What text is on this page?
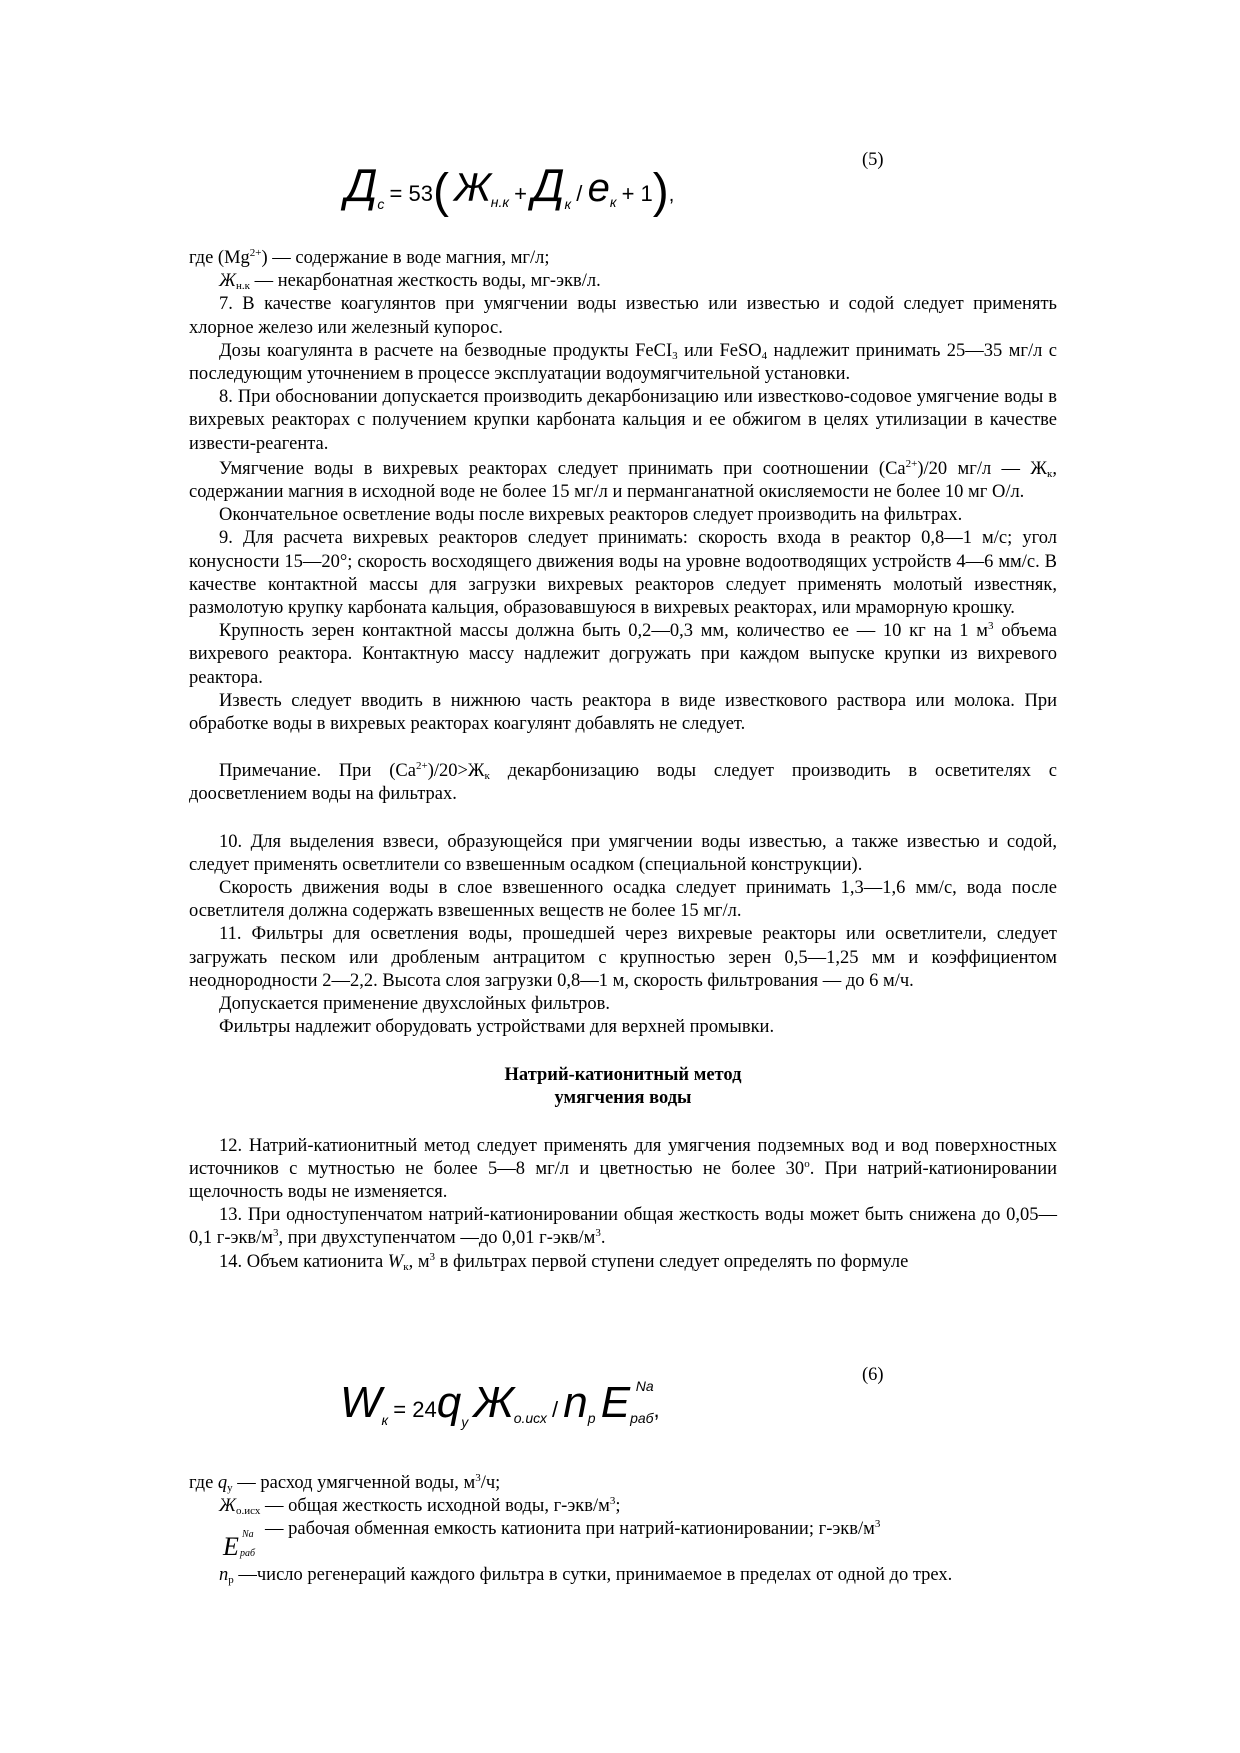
(5)
$Д_c = 53$( $Ж_{н.к} + Д_к / e_к + 1$),

где $(Mg^{2+})$ — содержание в воде магния, мг/л;

$Ж_{н.к}$ — некарбонатная жесткость воды, мг-экв/л.

7. В качестве коагулянтов при умягчении воды известью или известью и содой следует применять хлорное железо или железный купорос.

Дозы коагулянта в расчете на безводные продукты FeCI$_3$ или FeSO$_4$ надлежит принимать 25—35 мг/л с последующим уточнением в процессе эксплуатации водоумягчительной установки.

8. При обосновании допускается производить декарбонизацию или известково-содовое умягчение воды в вихревых реакторах с получением крупки карбоната кальция и ее обжигом в целях утилизации в качестве извести-реагента.

Умягчение воды в вихревых реакторах следует принимать при соотношении $(Ca^{2+})/20$ мг/л — $Ж_к$, содержании магния в исходной воде не более 15 мг/л и перманганатной окисляемости не более 10 мг O/л.

Окончательное осветление воды после вихревых реакторов следует производить на фильтрах.

9. Для расчета вихревых реакторов следует принимать: скорость входа в реактор 0,8—1 м/с; угол конусности 15—20°; скорость восходящего движения воды на уровне водоотводящих устройств 4—6 мм/с. В качестве контактной массы для загрузки вихревых реакторов следует применять молотый известняк, размолотую крупку карбоната кальция, образовавшуюся в вихревых реакторах, или мраморную крошку.

Крупность зерен контактной массы должна быть 0,2—0,3 мм, количество ее — 10 кг на 1 $м^3$ объема вихревого реактора. Контактную массу надлежит догружать при каждом выпуске крупки из вихревого реактора.

Известь следует вводить в нижнюю часть реактора в виде известкового раствора или молока. При обработке воды в вихревых реакторах коагулянт добавлять не следует.

Примечание. При $(Ca^{2+})/20>Ж_к$ декарбонизацию воды следует производить в осветителях с доосветлением воды на фильтрах.

10. Для выделения взвеси, образующейся при умягчении воды известью, а также известью и содой, следует применять осветлители со взвешенным осадком (специальной конструкции).

Скорость движения воды в слое взвешенного осадка следует принимать 1,3—1,6 мм/с, вода после осветлителя должна содержать взвешенных веществ не более 15 мг/л.

11. Фильтры для осветления воды, прошедшей через вихревые реакторы или осветлители, следует загружать песком или дробленым антрацитом с крупностью зерен 0,5—1,25 мм и коэффициентом неоднородности 2—2,2. Высота слоя загрузки 0,8—1 м, скорость фильтрования — до 6 м/ч.

Допускается применение двухслойных фильтров.

Фильтры надлежит оборудовать устройствами для верхней промывки.

Натрий-катионитный метод

умягчения воды

12. Натрий-катионитный метод следует применять для умягчения подземных вод и вод поверхностных источников с мутностью не более 5—8 мг/л и цветностью не более $30^о$. При натрий-катионировании щелочность воды не изменяется.

13. При одноступенчатом натрий-катионировании общая жесткость воды может быть снижена до 0,05—0,1 $г-экв/м^3$, при двухступенчатом —до 0,01 $г-экв/м^3$.

14. Объем катионита $W_к$, $м^3$ в фильтрах первой ступени следует определять по формуле

(6)
$W_к = 24q_у$ $Ж_{о.исх} / n_р$ E Na
$_{раб}$,

где $q_у$ — расход умягченной воды, $м^3/ч$;

$Ж_{о.исх}$ — общая жесткость исходной воды, $г-экв/м^3$;

E Na
раб
— рабочая обменная емкость катионита при натрий-катионировании; $г-экв/м^3$

$n_р$ —число регенераций каждого фильтра в сутки, принимаемое в пределах от одной до трех.
